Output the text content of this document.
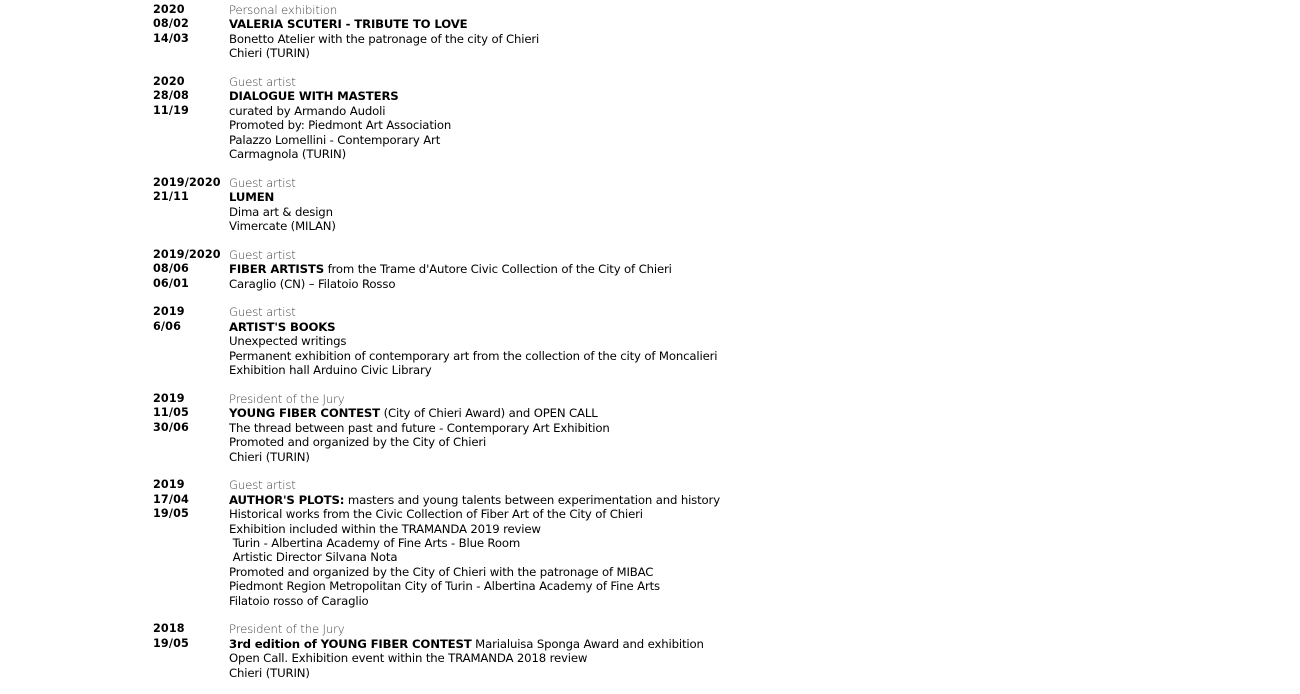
2020
08/02
14/03
Personal exhibition
VALERIA SCUTERI - TRIBUTE TO LOVE
Bonetto Atelier with the patronage of the city of Chieri
Chieri (TURIN)
2020
28/08
11/19
Guest artist
DIALOGUE WITH MASTERS
curated by Armando Audoli
Promoted by: Piedmont Art Association
Palazzo Lomellini - Contemporary Art
Carmagnola (TURIN)
2019/2020
21/11
Guest artist
LUMEN
Dima art & design
Vimercate (MILAN)
2019/2020
08/06
06/01
Guest artist
FIBER ARTISTS from the Trame d'Autore Civic Collection of the City of Chieri
Caraglio (CN) – Filatoio Rosso
2019
6/06
Guest artist
ARTIST'S BOOKS
Unexpected writings
Permanent exhibition of contemporary art from the collection of the city of Moncalieri
Exhibition hall Arduino Civic Library
2019
11/05
30/06
President of the Jury
YOUNG FIBER CONTEST (City of Chieri Award) and OPEN CALL
The thread between past and future - Contemporary Art Exhibition
Promoted and organized by the City of Chieri
Chieri (TURIN)
2019
17/04
19/05
Guest artist
AUTHOR'S PLOTS: masters and young talents between experimentation and history
Historical works from the Civic Collection of Fiber Art of the City of Chieri
Exhibition included within the TRAMANDA 2019 review
Turin - Albertina Academy of Fine Arts - Blue Room
Artistic Director Silvana Nota
Promoted and organized by the City of Chieri with the patronage of MIBAC
Piedmont Region Metropolitan City of Turin - Albertina Academy of Fine Arts
Filatoio rosso of Caraglio
2018
19/05
President of the Jury
3rd edition of YOUNG FIBER CONTEST Marialuisa Sponga Award and exhibition
Open Call. Exhibition event within the TRAMANDA 2018 review
Chieri (TURIN)
